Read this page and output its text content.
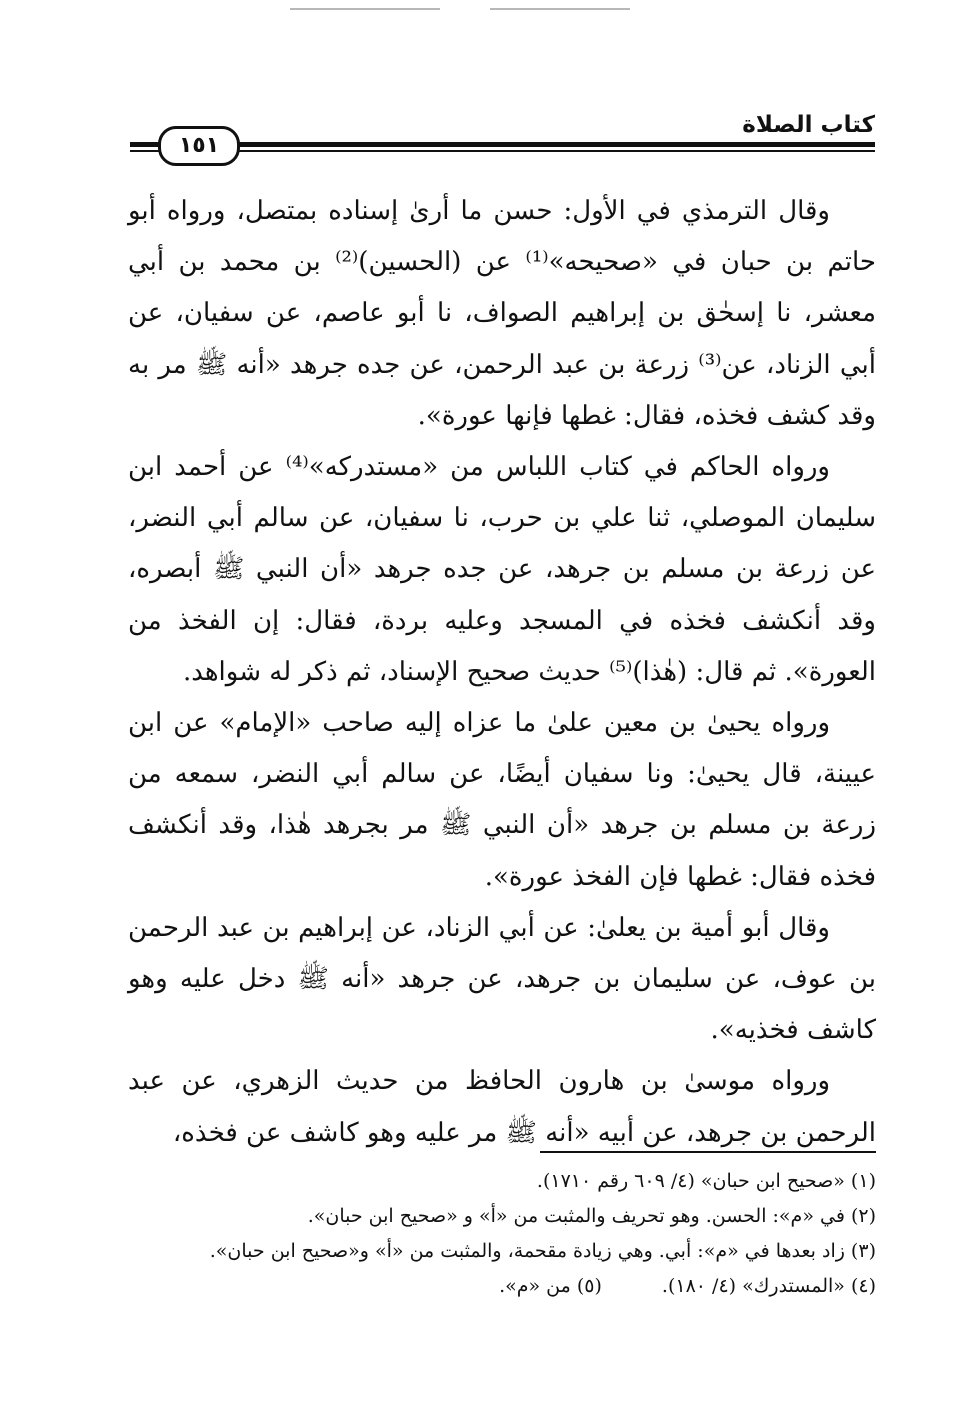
كتاب الصلاة
١٥١

وقال الترمذي في الأول: حسن ما أرىٰ إسناده بمتصل، ورواه أبو حاتم بن حبان في «صحيحه»⁽¹⁾ عن (الحسين)⁽²⁾ بن محمد بن أبي معشر، نا إسحٰق بن إبراهيم الصواف، نا أبو عاصم، عن سفيان، عن أبي الزناد، عن⁽³⁾ زرعة بن عبد الرحمن، عن جده جرهد «أنه ﷺ مر به وقد كشف فخذه، فقال: غطها فإنها عورة».

ورواه الحاكم في كتاب اللباس من «مستدركه»⁽⁴⁾ عن أحمد ابن سليمان الموصلي، ثنا علي بن حرب، نا سفيان، عن سالم أبي النضر، عن زرعة بن مسلم بن جرهد، عن جده جرهد «أن النبي ﷺ أبصره، وقد أنكشف فخذه في المسجد وعليه بردة، فقال: إن الفخذ من العورة». ثم قال: (هٰذا)⁽⁵⁾ حديث صحيح الإسناد، ثم ذكر له شواهد.

ورواه يحيىٰ بن معين علىٰ ما عزاه إليه صاحب «الإمام» عن ابن عيينة، قال يحيىٰ: ونا سفيان أيضًا، عن سالم أبي النضر، سمعه من زرعة بن مسلم بن جرهد «أن النبي ﷺ مر بجرهد هٰذا، وقد أنكشف فخذه فقال: غطها فإن الفخذ عورة».

وقال أبو أمية بن يعلىٰ: عن أبي الزناد، عن إبراهيم بن عبد الرحمن بن عوف، عن سليمان بن جرهد، عن جرهد «أنه ﷺ دخل عليه وهو كاشف فخذيه».

ورواه موسىٰ بن هارون الحافظ من حديث الزهري، عن عبد الرحمن بن جرهد، عن أبيه «أنه ﷺ مر عليه وهو كاشف عن فخذه،

(١) «صحيح ابن حبان» (٤/ ٦٠٩ رقم ١٧١٠).
(٢) في «م»: الحسن. وهو تحريف والمثبت من «أ» و «صحيح ابن حبان».
(٣) زاد بعدها في «م»: أبي. وهي زيادة مقحمة، والمثبت من «أ» و«صحيح ابن حبان».
(٤) «المستدرك» (٤/ ١٨٠).(٥) من «م».
